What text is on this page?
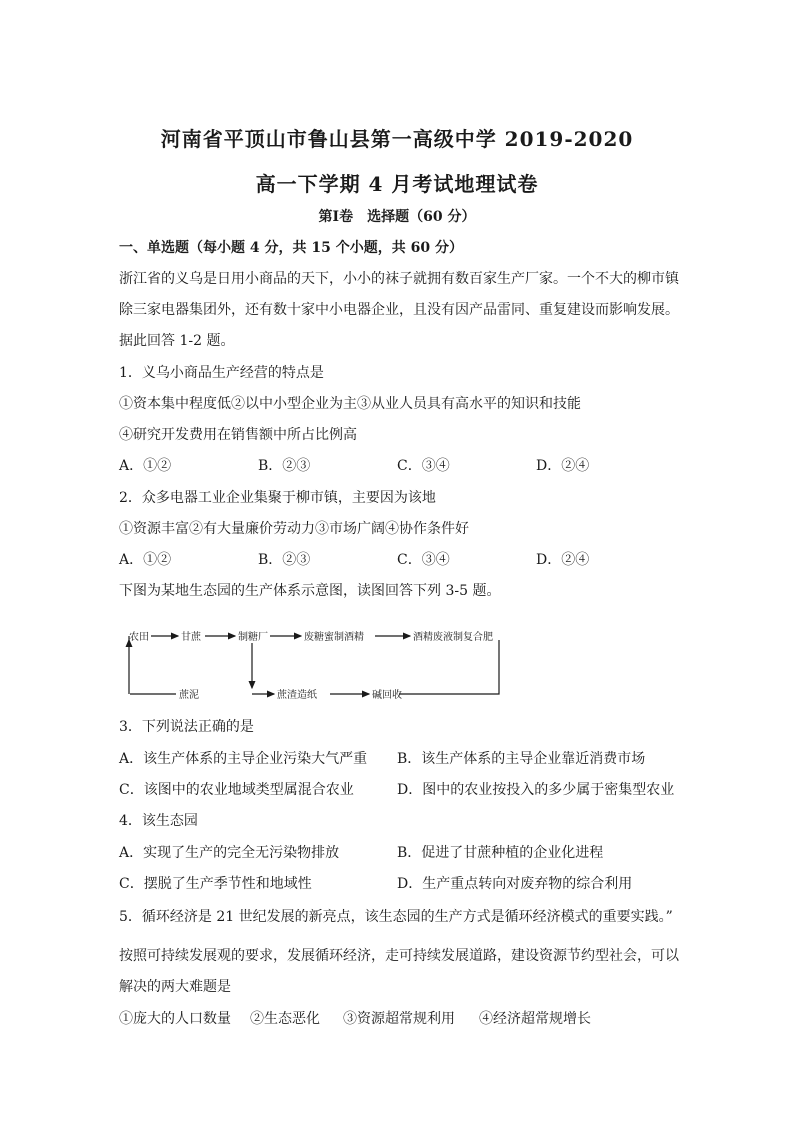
河南省平顶山市鲁山县第一高级中学 2019-2020
高一下学期 4 月考试地理试卷
第Ⅰ卷　选择题（60 分）
一、单选题（每小题 4 分，共 15 个小题，共 60 分）
浙江省的义乌是日用小商品的天下，小小的袜子就拥有数百家生产厂家。一个不大的柳市镇
除三家电器集团外，还有数十家中小电器企业，且没有因产品雷同、重复建设而影响发展。
据此回答 1-2 题。
1．义乌小商品生产经营的特点是
①资本集中程度低②以中小型企业为主③从业人员具有高水平的知识和技能
④研究开发费用在销售额中所占比例高
A．①②	B．②③	C．③④	D．②④
2．众多电器工业企业集聚于柳市镇，主要因为该地
①资源丰富②有大量廉价劳动力③市场广阔④协作条件好
A．①②	B．②③	C．③④	D．②④
下图为某地生态园的生产体系示意图，读图回答下列 3-5 题。
农田	甘蔗	制糖厂	废糖蜜制酒精	酒精废液制复合肥
蔗泥	蔗渣造纸	碱回收
3．下列说法正确的是
A．该生产体系的主导企业污染大气严重 B．该生产体系的主导企业靠近消费市场
C．该图中的农业地域类型属混合农业	D．图中的农业按投入的多少属于密集型农业
4．该生态园
A．实现了生产的完全无污染物排放	B．促进了甘蔗种植的企业化进程
C．摆脱了生产季节性和地域性	D．生产重点转向对废弃物的综合利用
5．循环经济是 21 世纪发展的新亮点，该生态园的生产方式是循环经济模式的重要实践。”
按照可持续发展观的要求，发展循环经济，走可持续发展道路，建设资源节约型社会，可以
解决的两大难题是
①庞大的人口数量 ②生态恶化 ③资源超常规利用 ④经济超常规增长
